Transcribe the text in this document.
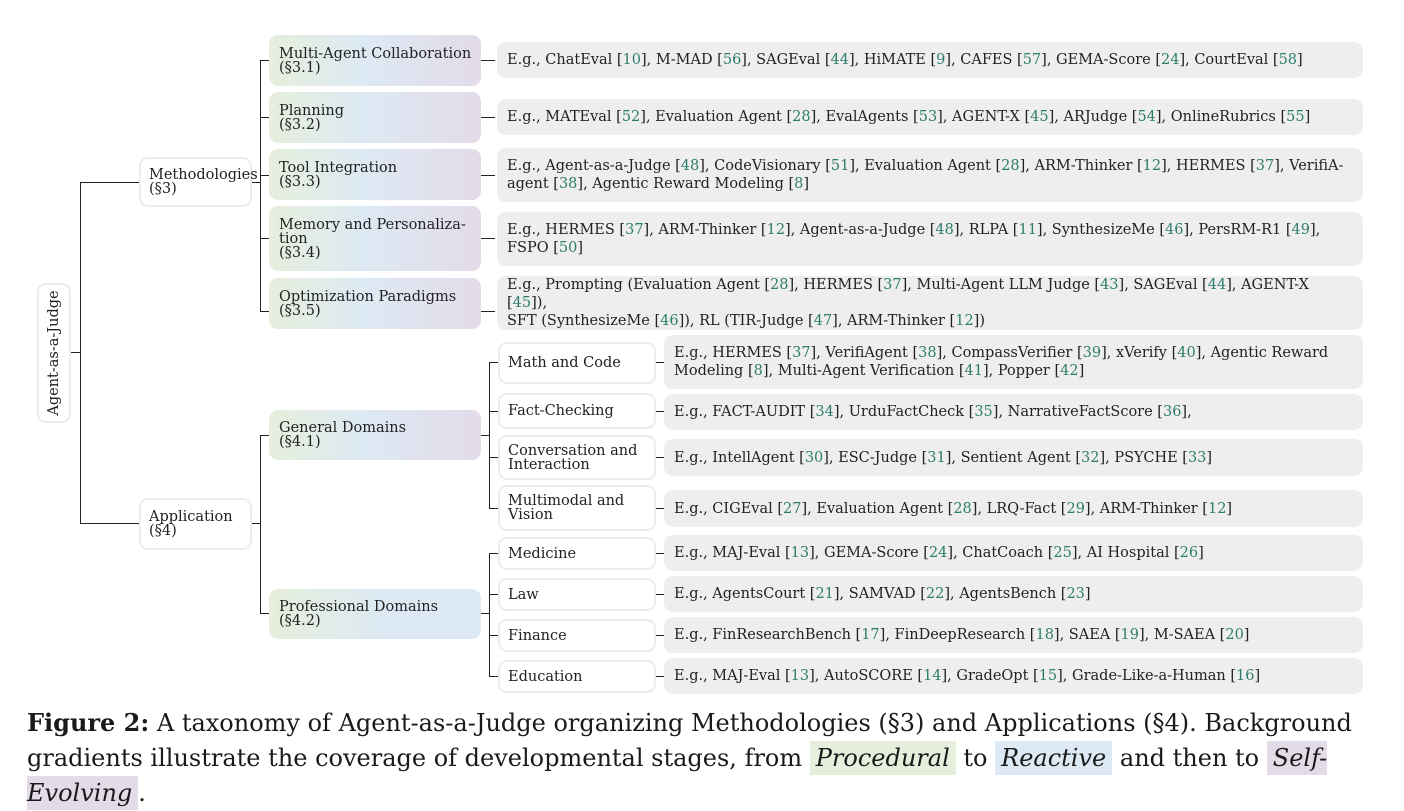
Agent-as-a-Judge
Methodologies
(§3)
Application
(§4)
Multi-Agent Collaboration
(§3.1)
Planning
(§3.2)
Tool Integration
(§3.3)
Memory and Personaliza-
tion
(§3.4)
Optimization Paradigms
(§3.5)
E.g., ChatEval [10], M-MAD [56], SAGEval [44], HiMATE [9], CAFES [57], GEMA-Score [24], CourtEval [58]
E.g., MATEval [52], Evaluation Agent [28], EvalAgents [53], AGENT-X [45], ARJudge [54], OnlineRubrics [55]
E.g., Agent-as-a-Judge [48], CodeVisionary [51], Evaluation Agent [28], ARM-Thinker [12], HERMES [37], VerifiA-
agent [38], Agentic Reward Modeling [8]
E.g., HERMES [37], ARM-Thinker [12], Agent-as-a-Judge [48], RLPA [11], SynthesizeMe [46], PersRM-R1 [49],
FSPO [50]
E.g., Prompting (Evaluation Agent [28], HERMES [37], Multi-Agent LLM Judge [43], SAGEval [44], AGENT-X [45]),
SFT (SynthesizeMe [46]), RL (TIR-Judge [47], ARM-Thinker [12])
General Domains
(§4.1)
Professional Domains
(§4.2)
Math and Code
Fact-Checking
Conversation and
Interaction
Multimodal and
Vision
E.g., HERMES [37], VerifiAgent [38], CompassVerifier [39], xVerify [40], Agentic Reward
Modeling [8], Multi-Agent Verification [41], Popper [42]
E.g., FACT-AUDIT [34], UrduFactCheck [35], NarrativeFactScore [36],
E.g., IntellAgent [30], ESC-Judge [31], Sentient Agent [32], PSYCHE [33]
E.g., CIGEval [27], Evaluation Agent [28], LRQ-Fact [29], ARM-Thinker [12]
Medicine
Law
Finance
Education
E.g., MAJ-Eval [13], GEMA-Score [24], ChatCoach [25], AI Hospital [26]
E.g., AgentsCourt [21], SAMVAD [22], AgentsBench [23]
E.g., FinResearchBench [17], FinDeepResearch [18], SAEA [19], M-SAEA [20]
E.g., MAJ-Eval [13], AutoSCORE [14], GradeOpt [15], Grade-Like-a-Human [16]
Figure 2: A taxonomy of Agent-as-a-Judge organizing Methodologies (§3) and Applications (§4). Background gradients illustrate the coverage of developmental stages, from Procedural to Reactive and then to Self-Evolving .
